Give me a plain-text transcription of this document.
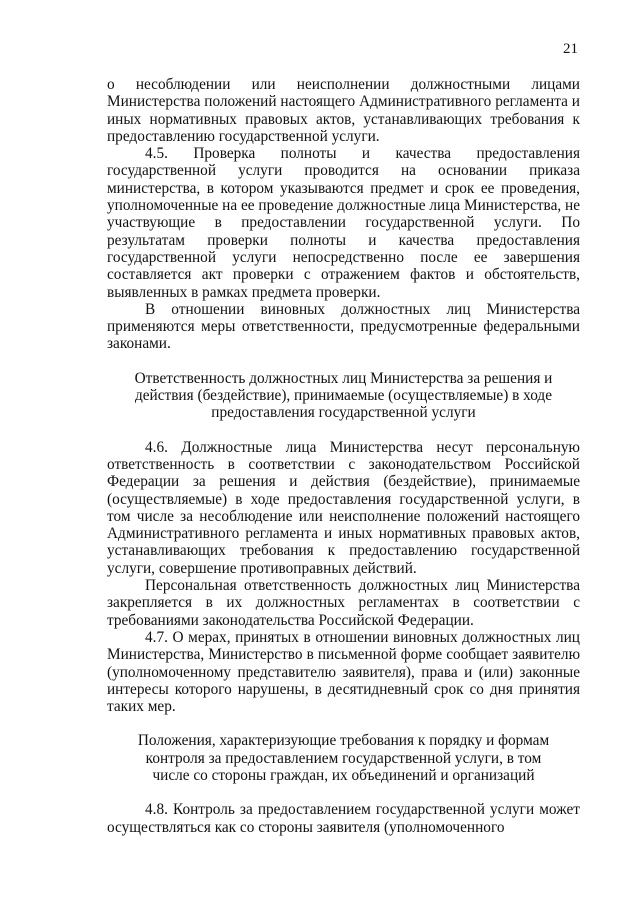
21

о несоблюдении или неисполнении должностными лицами Министерства положений настоящего Административного регламента и иных нормативных правовых актов, устанавливающих требования к предоставлению государственной услуги.

4.5. Проверка полноты и качества предоставления государственной услуги проводится на основании приказа министерства, в котором указываются предмет и срок ее проведения, уполномоченные на ее проведение должностные лица Министерства, не участвующие в предоставлении государственной услуги. По результатам проверки полноты и качества предоставления государственной услуги непосредственно после ее завершения составляется акт проверки с отражением фактов и обстоятельств, выявленных в рамках предмета проверки.

В отношении виновных должностных лиц Министерства применяются меры ответственности, предусмотренные федеральными законами.

Ответственность должностных лиц Министерства за решения и действия (бездействие), принимаемые (осуществляемые) в ходе предоставления государственной услуги

4.6. Должностные лица Министерства несут персональную ответственность в соответствии с законодательством Российской Федерации за решения и действия (бездействие), принимаемые (осуществляемые) в ходе предоставления государственной услуги, в том числе за несоблюдение или неисполнение положений настоящего Административного регламента и иных нормативных правовых актов, устанавливающих требования к предоставлению государственной услуги, совершение противоправных действий.

Персональная ответственность должностных лиц Министерства закрепляется в их должностных регламентах в соответствии с требованиями законодательства Российской Федерации.

4.7. О мерах, принятых в отношении виновных должностных лиц Министерства, Министерство в письменной форме сообщает заявителю (уполномоченному представителю заявителя), права и (или) законные интересы которого нарушены, в десятидневный срок со дня принятия таких мер.

Положения, характеризующие требования к порядку и формам контроля за предоставлением государственной услуги, в том числе со стороны граждан, их объединений и организаций

4.8. Контроль за предоставлением государственной услуги может осуществляться как со стороны заявителя (уполномоченного
